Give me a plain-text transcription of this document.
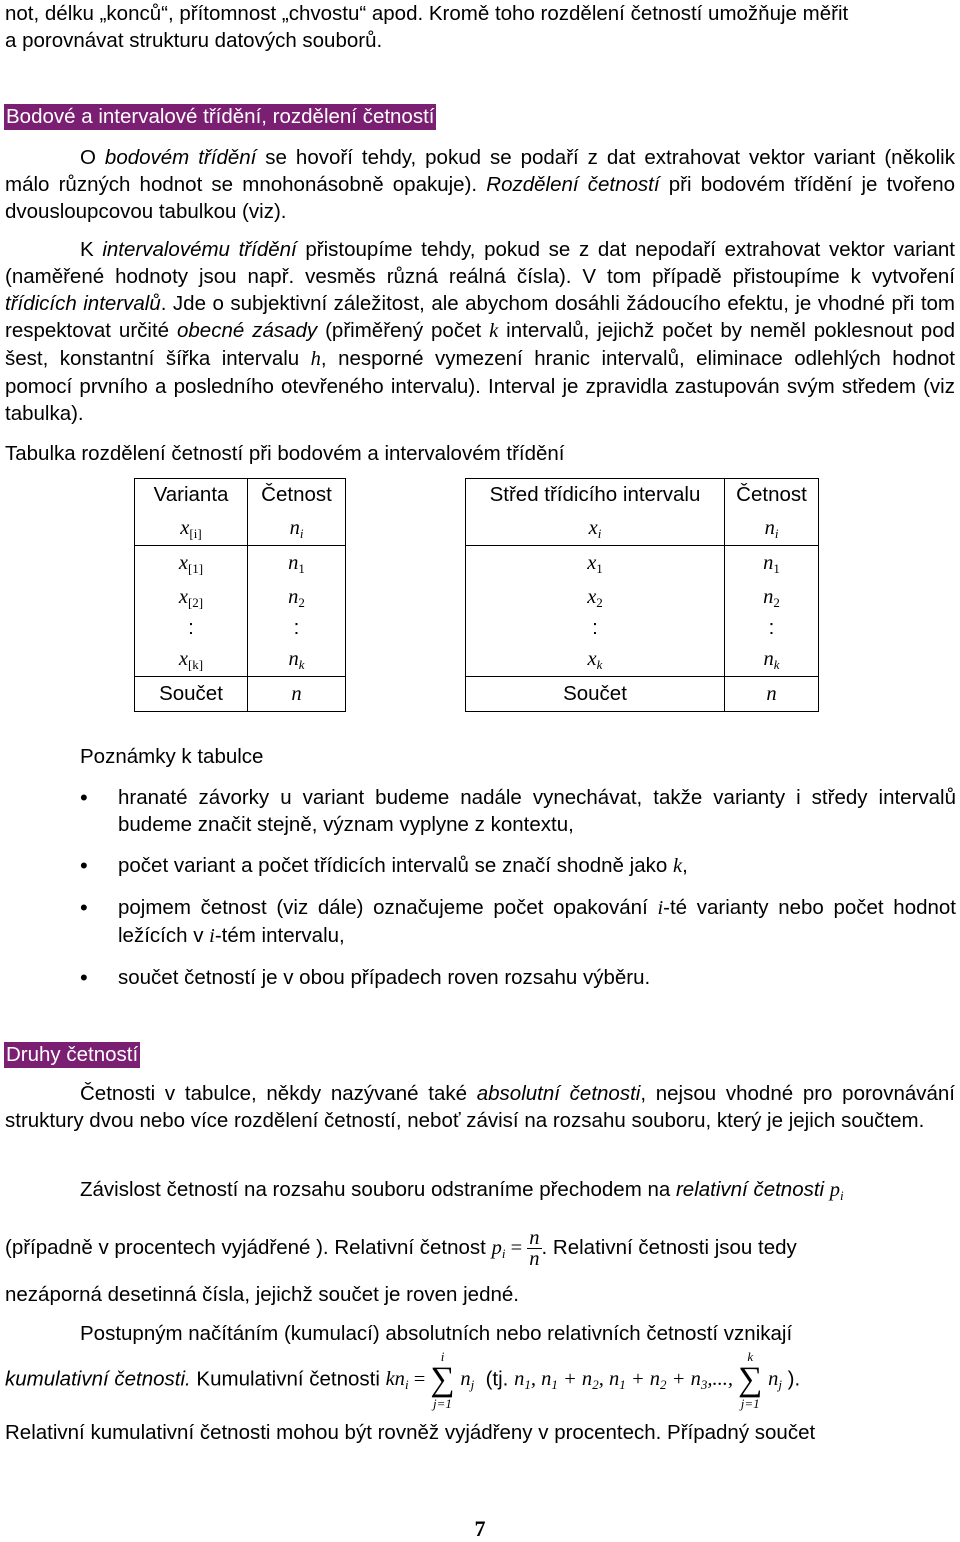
not, délku „konců“, přítomnost „chvostu“ apod. Kromě toho rozdělení četností umožňuje měřit

a porovnávat strukturu datových souborů.

Bodové a intervalové třídění, rozdělení četností

O bodovém třídění se hovoří tehdy, pokud se podaří z dat extrahovat vektor variant (několik málo různých hodnot se mnohonásobně opakuje). Rozdělení četností při bodovém třídění je tvořeno dvousloupcovou tabulkou (viz).

K intervalovému třídění přistoupíme tehdy, pokud se z dat nepodaří extrahovat vektor variant (naměřené hodnoty jsou např. vesměs různá reálná čísla). V tom případě přistoupíme k vytvoření třídicích intervalů. Jde o subjektivní záležitost, ale abychom dosáhli žádoucího efektu, je vhodné při tom respektovat určité obecné zásady (přiměřený počet k intervalů, jejichž počet by neměl poklesnout pod šest, konstantní šířka intervalu h, nesporné vymezení hranic intervalů, eliminace odlehlých hodnot pomocí prvního a posledního otevřeného intervalu). Interval je zpravidla zastupován svým středem (viz tabulka).

Tabulka rozdělení četností při bodovém a intervalovém třídění
Varianta	Četnost
$x_{[i]}$	$n_i$
$x_{[1]}$	$n_1$
$x_{[2]}$	$n_2$
:	:
$x_{[k]}$	$n_k$
Součet	n
Střed třídicího intervalu	Četnost
$x_i$	$n_i$
$x_1$	$n_1$
$x_2$	$n_2$
:	:
$x_k$	$n_k$
Součet	n
Poznámky k tabulce
• hranaté závorky u variant budeme nadále vynechávat, takže varianty i středy intervalů budeme značit stejně, význam vyplyne z kontextu,
• počet variant a počet třídicích intervalů se značí shodně jako k,
• pojmem četnost (viz dále) označujeme počet opakování i-té varianty nebo počet hodnot ležících v i-tém intervalu,
• součet četností je v obou případech roven rozsahu výběru.
Druhy četností

Četnosti v tabulce, někdy nazývané také absolutní četnosti, nejsou vhodné pro porovnávání struktury dvou nebo více rozdělení četností, neboť závisí na rozsahu souboru, který je jejich součtem.

Závislost četností na rozsahu souboru odstraníme přechodem na relativní četnosti $p_i$

(případně v procentech vyjádřené ). Relativní četnost $p_i = \frac{n}{n}$ . Relativní četnosti jsou tedy

nezáporná desetinná čísla, jejichž součet je roven jedné.

Postupným načítáním (kumulací) absolutních nebo relativních četností vznikají

kumulativní četnosti. Kumulativní četnosti $kn_i$ =
i
∑
j=1
$n_j$ (tj. $n_1$, $n_1 + n_2$, $n_1 + n_2 + n_3$,...,
k
∑
j=1
$n_j$ ).

Relativní kumulativní četnosti mohou být rovněž vyjádřeny v procentech. Případný součet

7
